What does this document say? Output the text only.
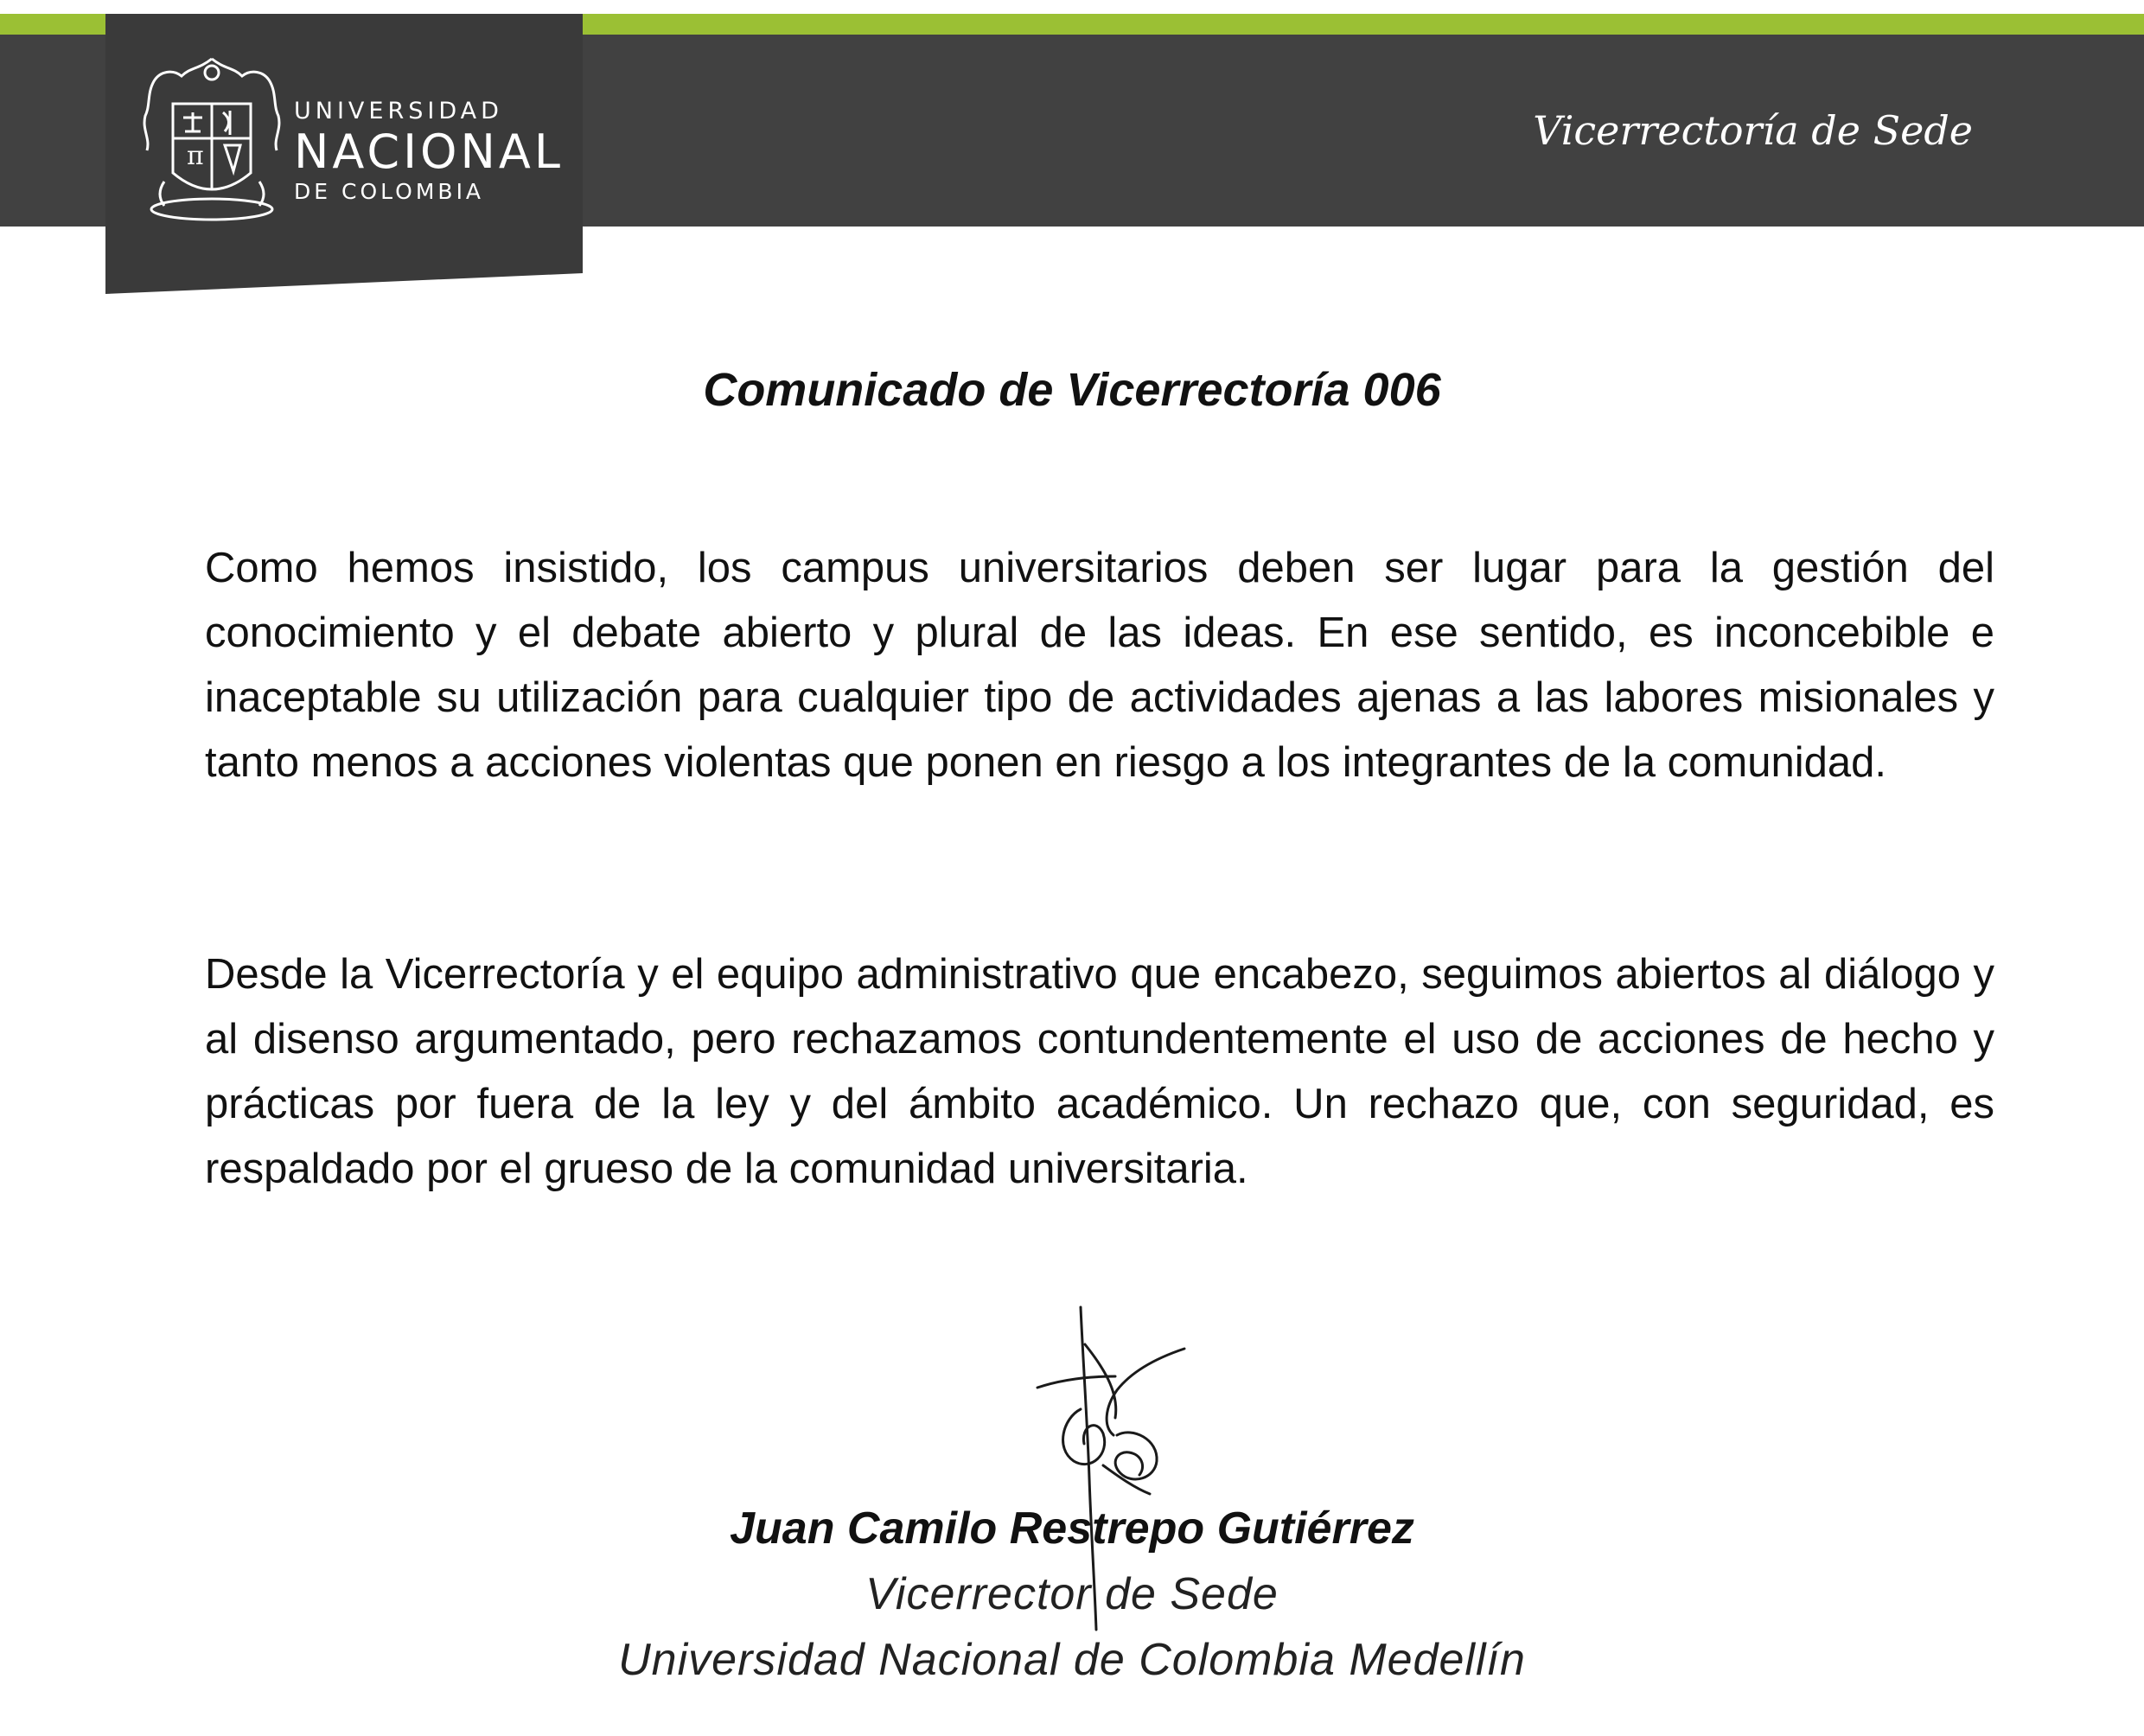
π
UNIVERSIDAD
NACIONAL
DE COLOMBIA
Vicerrectoría de Sede
Comunicado de Vicerrectoría 006

Como hemos insistido, los campus universitarios deben ser lugar para la gestión del conocimiento y el debate abierto y plural de las ideas. En ese sentido, es inconcebible e inaceptable su utilización para cualquier tipo de actividades ajenas a las labores misionales y tanto menos a acciones violentas que ponen en riesgo a los integrantes de la comunidad.

Desde la Vicerrectoría y el equipo administrativo que encabezo, seguimos abiertos al diálogo y al disenso argumentado, pero rechazamos contundentemente el uso de acciones de hecho y prácticas por fuera de la ley y del ámbito académico. Un rechazo que, con seguridad, es respaldado por el grueso de la comunidad universitaria.

Juan Camilo Restrepo Gutiérrez
Vicerrector de Sede
Universidad Nacional de Colombia Medellín
